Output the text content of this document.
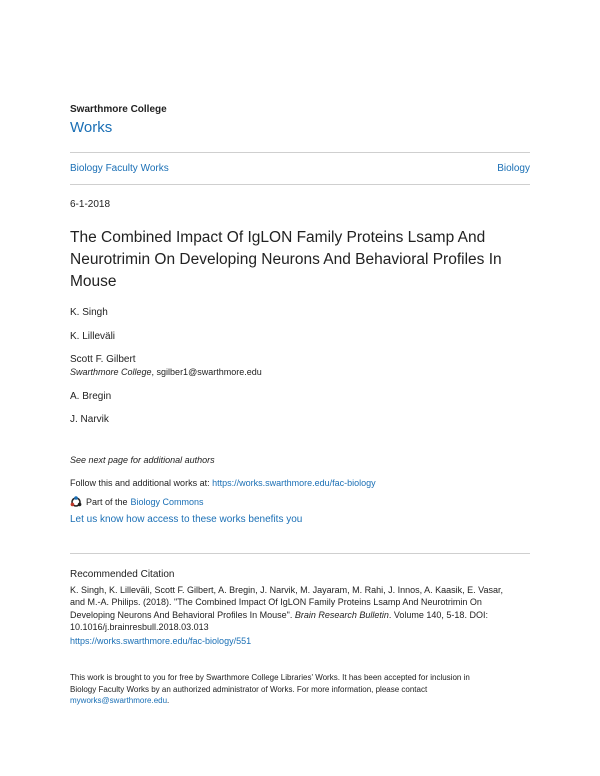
Swarthmore College
Works
Biology Faculty Works	Biology
6-1-2018
The Combined Impact Of IgLON Family Proteins Lsamp And
Neurotrimin On Developing Neurons And Behavioral Profiles In
Mouse
K. Singh
K. Lilleväli
Scott F. Gilbert
Swarthmore College, sgilber1@swarthmore.edu
A. Bregin
J. Narvik
See next page for additional authors
Follow this and additional works at: https://works.swarthmore.edu/fac-biology
Part of the Biology Commons
Let us know how access to these works benefits you
Recommended Citation
K. Singh, K. Lilleväli, Scott F. Gilbert, A. Bregin, J. Narvik, M. Jayaram, M. Rahi, J. Innos, A. Kaasik, E. Vasar,
and M.-A. Philips. (2018). "The Combined Impact Of IgLON Family Proteins Lsamp And Neurotrimin On
Developing Neurons And Behavioral Profiles In Mouse". Brain Research Bulletin. Volume 140, 5-18. DOI:
10.1016/j.brainresbull.2018.03.013
https://works.swarthmore.edu/fac-biology/551
This work is brought to you for free by Swarthmore College Libraries' Works. It has been accepted for inclusion in
Biology Faculty Works by an authorized administrator of Works. For more information, please contact
myworks@swarthmore.edu.
